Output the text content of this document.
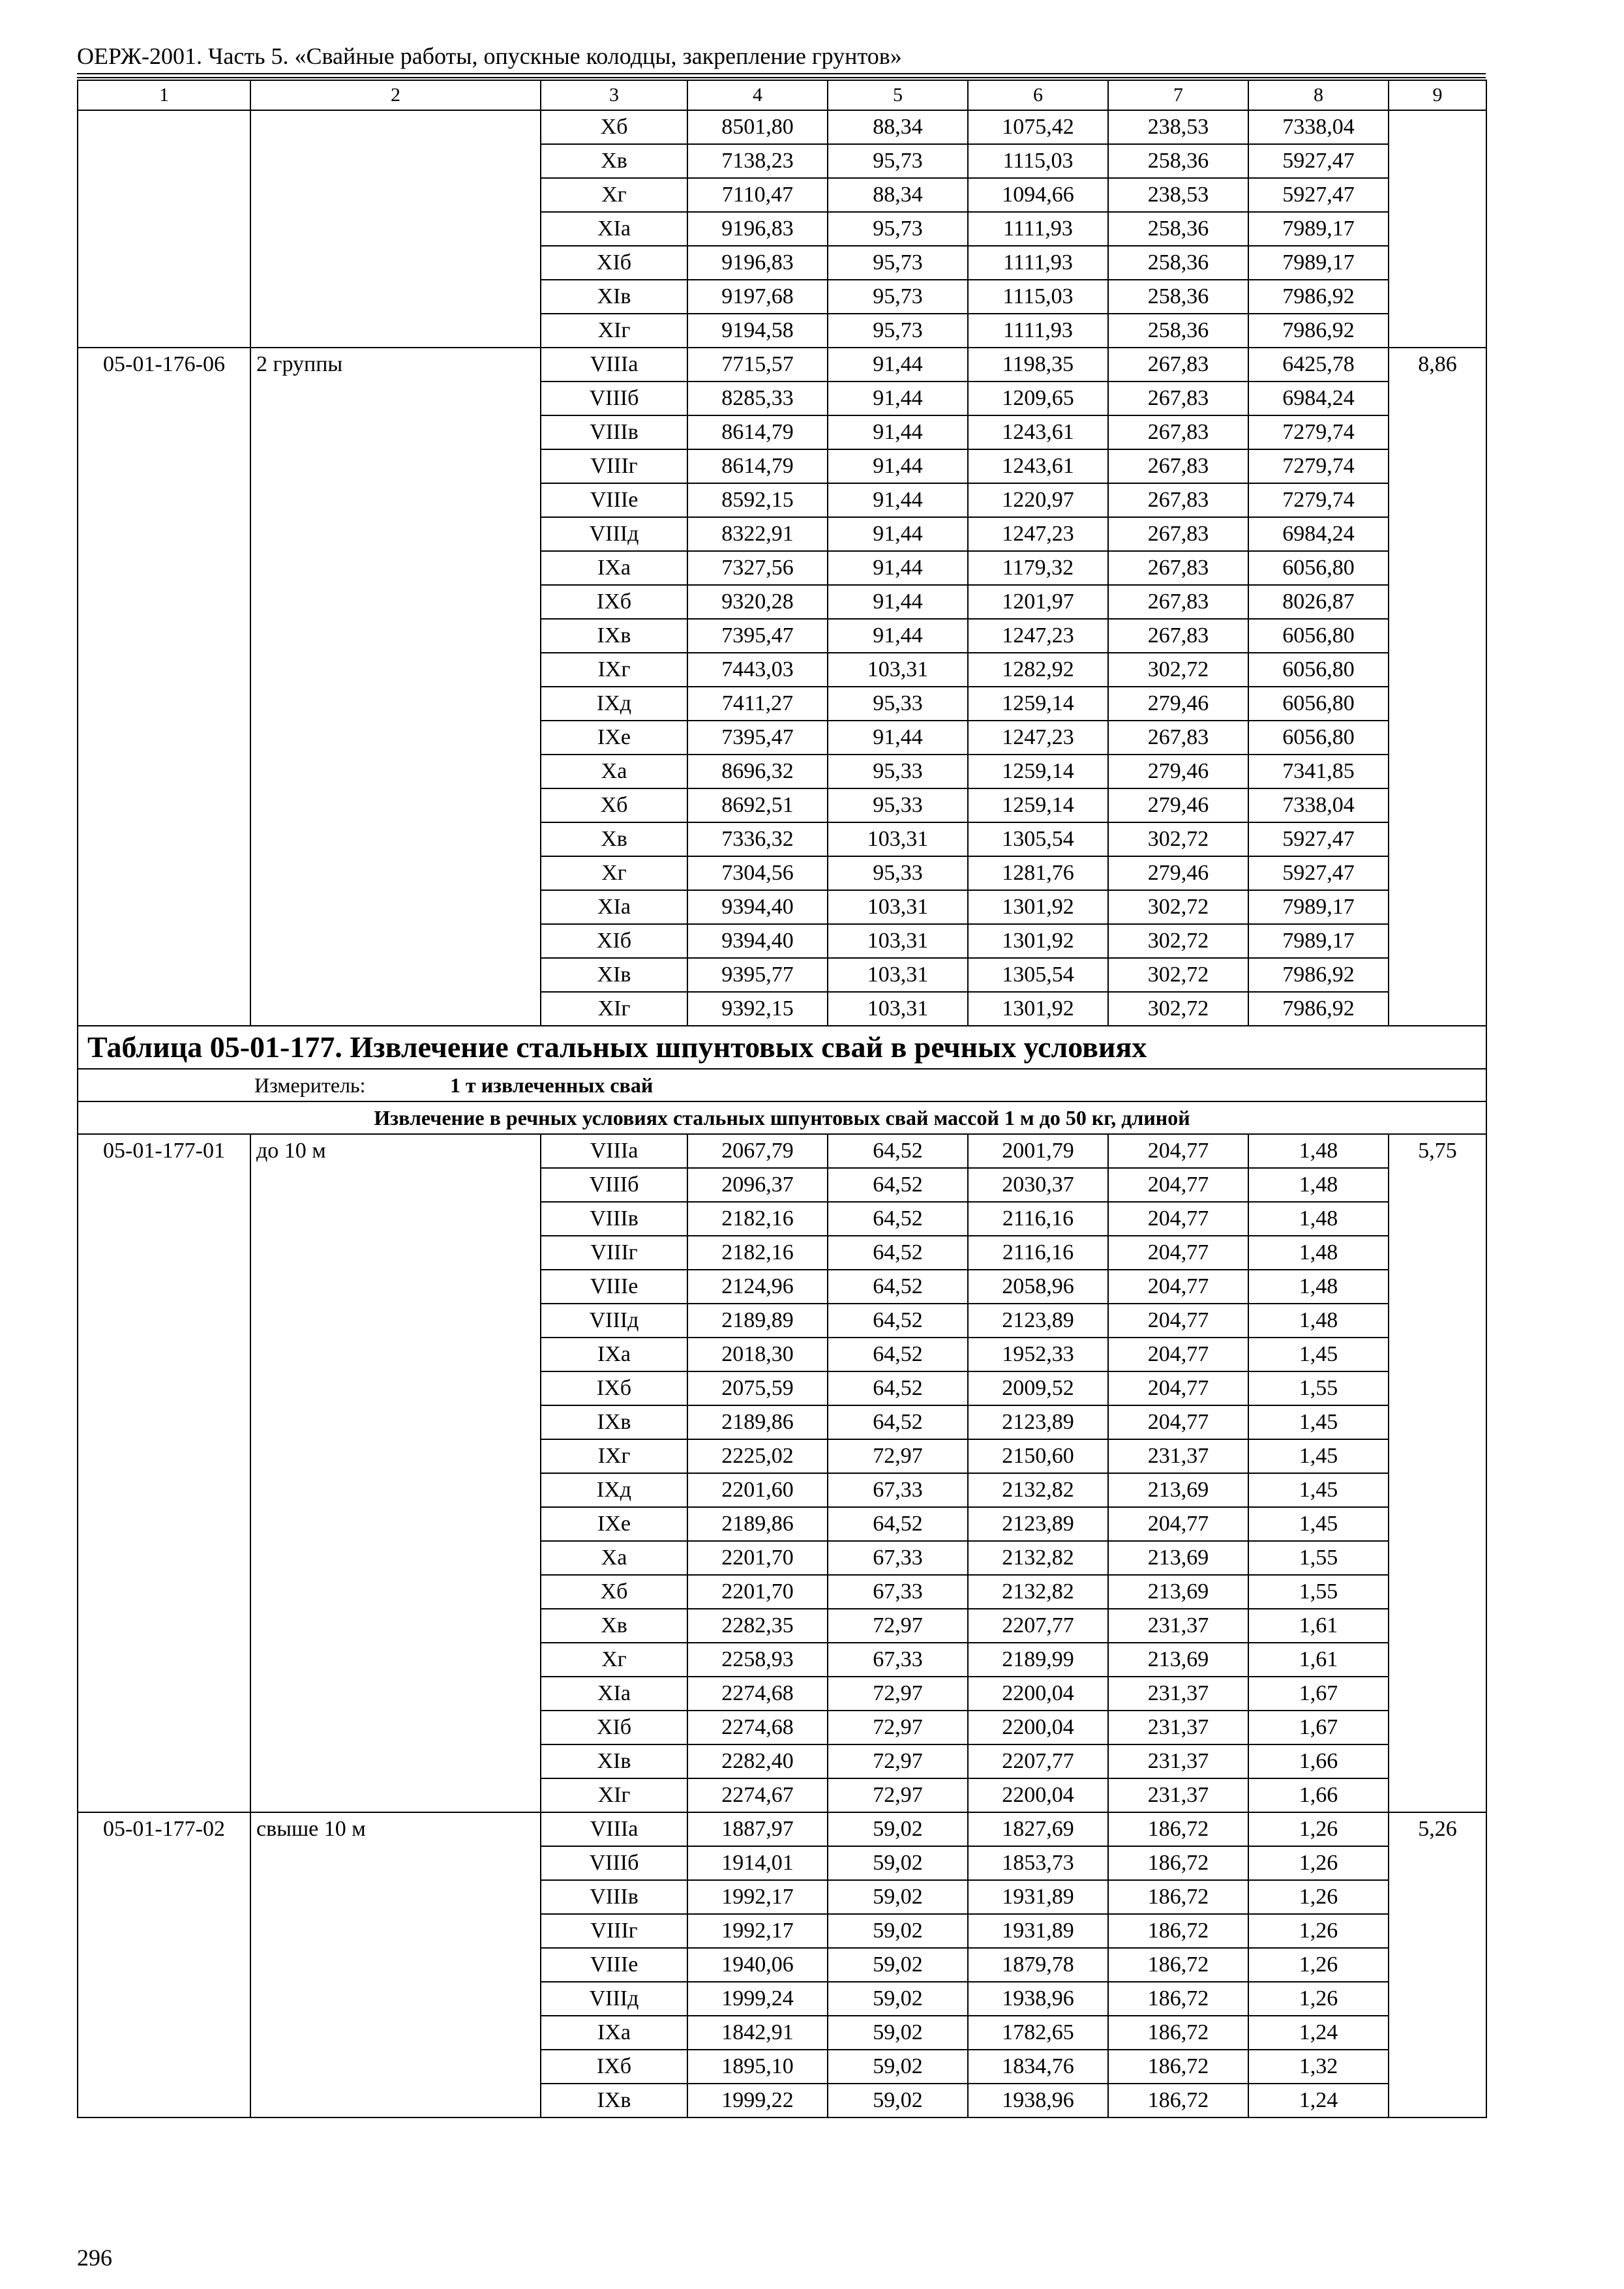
ОЕРЖ-2001. Часть 5. «Свайные работы, опускные колодцы, закрепление грунтов»
1	2	3	4	5	6	7	8	9
		Xб	8501,80	88,34	1075,42	238,53	7338,04	
		Xв	7138,23	95,73	1115,03	258,36	5927,47	
		Xг	7110,47	88,34	1094,66	238,53	5927,47	
		XIа	9196,83	95,73	1111,93	258,36	7989,17	
		XIб	9196,83	95,73	1111,93	258,36	7989,17	
		XIв	9197,68	95,73	1115,03	258,36	7986,92	
		XIг	9194,58	95,73	1111,93	258,36	7986,92	
05-01-176-06	2 группы	VIIIа	7715,57	91,44	1198,35	267,83	6425,78	8,86
		VIIIб	8285,33	91,44	1209,65	267,83	6984,24	
		VIIIв	8614,79	91,44	1243,61	267,83	7279,74	
		VIIIг	8614,79	91,44	1243,61	267,83	7279,74	
		VIIIе	8592,15	91,44	1220,97	267,83	7279,74	
		VIIIд	8322,91	91,44	1247,23	267,83	6984,24	
		IXа	7327,56	91,44	1179,32	267,83	6056,80	
		IXб	9320,28	91,44	1201,97	267,83	8026,87	
		IXв	7395,47	91,44	1247,23	267,83	6056,80	
		IXг	7443,03	103,31	1282,92	302,72	6056,80	
		IXд	7411,27	95,33	1259,14	279,46	6056,80	
		IXе	7395,47	91,44	1247,23	267,83	6056,80	
		Xа	8696,32	95,33	1259,14	279,46	7341,85	
		Xб	8692,51	95,33	1259,14	279,46	7338,04	
		Xв	7336,32	103,31	1305,54	302,72	5927,47	
		Xг	7304,56	95,33	1281,76	279,46	5927,47	
		XIа	9394,40	103,31	1301,92	302,72	7989,17	
		XIб	9394,40	103,31	1301,92	302,72	7989,17	
		XIв	9395,77	103,31	1305,54	302,72	7986,92	
		XIг	9392,15	103,31	1301,92	302,72	7986,92	
Таблица 05-01-177. Извлечение стальных шпунтовых свай в речных условиях								
Измеритель: 1 т извлеченных свай								
Извлечение в речных условиях стальных шпунтовых свай массой 1 м до 50 кг, длиной								
05-01-177-01	до 10 м	VIIIа	2067,79	64,52	2001,79	204,77	1,48	5,75
		VIIIб	2096,37	64,52	2030,37	204,77	1,48	
		VIIIв	2182,16	64,52	2116,16	204,77	1,48	
		VIIIг	2182,16	64,52	2116,16	204,77	1,48	
		VIIIе	2124,96	64,52	2058,96	204,77	1,48	
		VIIIд	2189,89	64,52	2123,89	204,77	1,48	
		IXа	2018,30	64,52	1952,33	204,77	1,45	
		IXб	2075,59	64,52	2009,52	204,77	1,55	
		IXв	2189,86	64,52	2123,89	204,77	1,45	
		IXг	2225,02	72,97	2150,60	231,37	1,45	
		IXд	2201,60	67,33	2132,82	213,69	1,45	
		IXе	2189,86	64,52	2123,89	204,77	1,45	
		Xа	2201,70	67,33	2132,82	213,69	1,55	
		Xб	2201,70	67,33	2132,82	213,69	1,55	
		Xв	2282,35	72,97	2207,77	231,37	1,61	
		Xг	2258,93	67,33	2189,99	213,69	1,61	
		XIа	2274,68	72,97	2200,04	231,37	1,67	
		XIб	2274,68	72,97	2200,04	231,37	1,67	
		XIв	2282,40	72,97	2207,77	231,37	1,66	
		XIг	2274,67	72,97	2200,04	231,37	1,66	
05-01-177-02	свыше 10 м	VIIIа	1887,97	59,02	1827,69	186,72	1,26	5,26
		VIIIб	1914,01	59,02	1853,73	186,72	1,26	
		VIIIв	1992,17	59,02	1931,89	186,72	1,26	
		VIIIг	1992,17	59,02	1931,89	186,72	1,26	
		VIIIе	1940,06	59,02	1879,78	186,72	1,26	
		VIIIд	1999,24	59,02	1938,96	186,72	1,26	
		IXа	1842,91	59,02	1782,65	186,72	1,24	
		IXб	1895,10	59,02	1834,76	186,72	1,32	
		IXв	1999,22	59,02	1938,96	186,72	1,24	
296
